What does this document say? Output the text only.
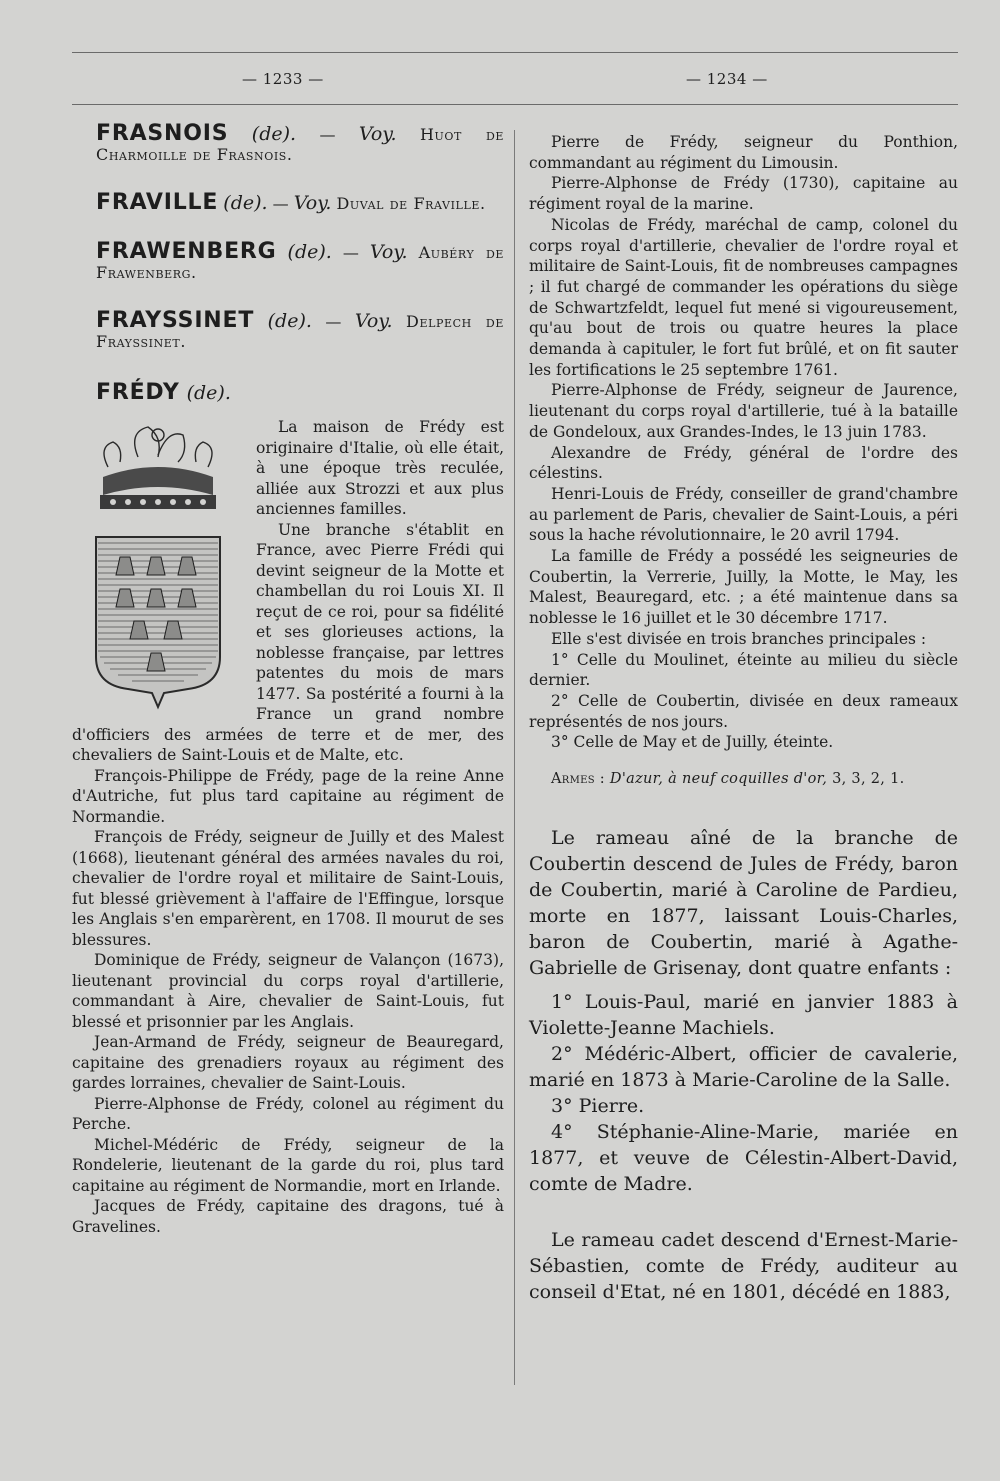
— 1233 —	— 1234 —
FRASNOIS (de). — Voy. Huot de Charmoille de Frasnois.
FRAVILLE (de). — Voy. Duval de Fraville.
FRAWENBERG (de). — Voy. Aubéry de Frawenberg.
FRAYSSINET (de). — Voy. Delpech de Frayssinet.
FRÉDY (de).

La maison de Frédy est originaire d'Italie, où elle était, à une époque très reculée, alliée aux Strozzi et aux plus anciennes familles.

Une branche s'établit en France, avec Pierre Frédi qui devint seigneur de la Motte et chambellan du roi Louis XI. Il reçut de ce roi, pour sa fidélité et ses glorieuses actions, la noblesse française, par lettres patentes du mois de mars 1477. Sa postérité a fourni à la France un grand nombre d'officiers des armées de terre et de mer, des chevaliers de Saint-Louis et de Malte, etc.

François-Philippe de Frédy, page de la reine Anne d'Autriche, fut plus tard capitaine au régiment de Normandie.

François de Frédy, seigneur de Juilly et des Malest (1668), lieutenant général des armées navales du roi, chevalier de l'ordre royal et militaire de Saint-Louis, fut blessé grièvement à l'affaire de l'Effingue, lorsque les Anglais s'en emparèrent, en 1708. Il mourut de ses blessures.

Dominique de Frédy, seigneur de Valançon (1673), lieutenant provincial du corps royal d'artillerie, commandant à Aire, chevalier de Saint-Louis, fut blessé et prisonnier par les Anglais.

Jean-Armand de Frédy, seigneur de Beauregard, capitaine des grenadiers royaux au régiment des gardes lorraines, chevalier de Saint-Louis.

Pierre-Alphonse de Frédy, colonel au régiment du Perche.

Michel-Médéric de Frédy, seigneur de la Rondelerie, lieutenant de la garde du roi, plus tard capitaine au régiment de Normandie, mort en Irlande.

Jacques de Frédy, capitaine des dragons, tué à Gravelines.

Pierre de Frédy, seigneur du Ponthion, commandant au régiment du Limousin.

Pierre-Alphonse de Frédy (1730), capitaine au régiment royal de la marine.

Nicolas de Frédy, maréchal de camp, colonel du corps royal d'artillerie, chevalier de l'ordre royal et militaire de Saint-Louis, fit de nombreuses campagnes ; il fut chargé de commander les opérations du siège de Schwartzfeldt, lequel fut mené si vigoureusement, qu'au bout de trois ou quatre heures la place demanda à capituler, le fort fut brûlé, et on fit sauter les fortifications le 25 septembre 1761.

Pierre-Alphonse de Frédy, seigneur de Jaurence, lieutenant du corps royal d'artillerie, tué à la bataille de Gondeloux, aux Grandes-Indes, le 13 juin 1783.

Alexandre de Frédy, général de l'ordre des célestins.

Henri-Louis de Frédy, conseiller de grand'chambre au parlement de Paris, chevalier de Saint-Louis, a péri sous la hache révolutionnaire, le 20 avril 1794.

La famille de Frédy a possédé les seigneuries de Coubertin, la Verrerie, Juilly, la Motte, le May, les Malest, Beauregard, etc. ; a été maintenue dans sa noblesse le 16 juillet et le 30 décembre 1717.

Elle s'est divisée en trois branches principales :

1° Celle du Moulinet, éteinte au milieu du siècle dernier.

2° Celle de Coubertin, divisée en deux rameaux représentés de nos jours.

3° Celle de May et de Juilly, éteinte.

Armes : D'azur, à neuf coquilles d'or, 3, 3, 2, 1.

Le rameau aîné de la branche de Coubertin descend de Jules de Frédy, baron de Coubertin, marié à Caroline de Pardieu, morte en 1877, laissant Louis-Charles, baron de Coubertin, marié à Agathe-Gabrielle de Grisenay, dont quatre enfants :

1° Louis-Paul, marié en janvier 1883 à Violette-Jeanne Machiels.

2° Médéric-Albert, officier de cavalerie, marié en 1873 à Marie-Caroline de la Salle.

3° Pierre.

4° Stéphanie-Aline-Marie, mariée en 1877, et veuve de Célestin-Albert-David, comte de Madre.

Le rameau cadet descend d'Ernest-Marie-Sébastien, comte de Frédy, auditeur au conseil d'Etat, né en 1801, décédé en 1883,
